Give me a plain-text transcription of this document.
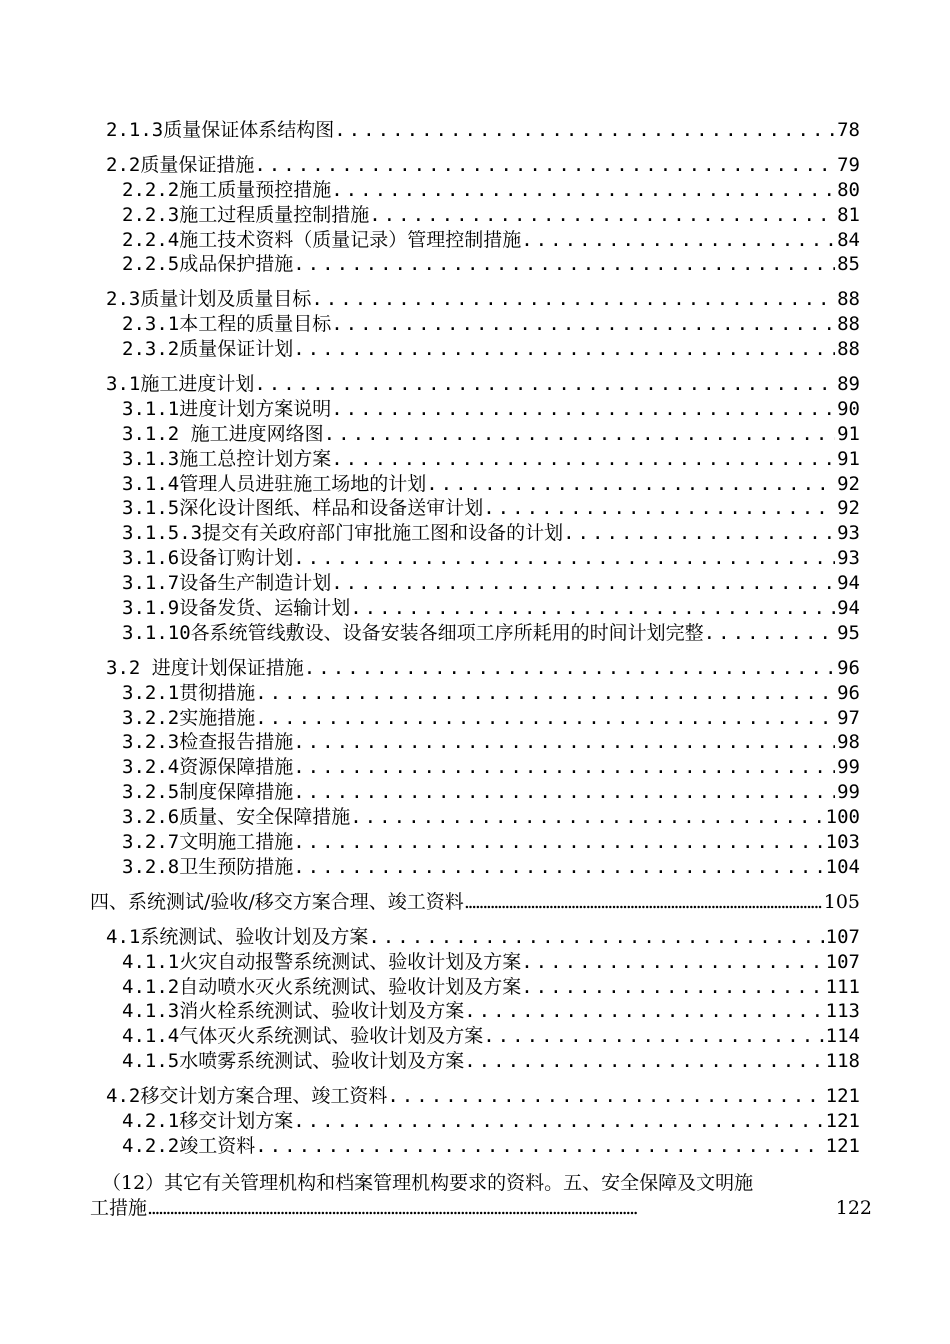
2.1.3质量保证体系结构图 . . .	78
2.2质量保证措施 . . .	79
2.2.2施工质量预控措施 . . .	80
2.2.3施工过程质量控制措施 . . .	81
2.2.4施工技术资料（质量记录）管理控制措施 . . .	84
2.2.5成品保护措施 . . .	85
2.3质量计划及质量目标 . . .	88
2.3.1本工程的质量目标 . . .	88
2.3.2质量保证计划 . . .	88
3.1施工进度计划 . . .	89
3.1.1进度计划方案说明 . . .	90
3.1.2 施工进度网络图 . . .	91
3.1.3施工总控计划方案 . . .	91
3.1.4管理人员进驻施工场地的计划 . . .	92
3.1.5深化设计图纸、样品和设备送审计划 . . .	92
3.1.5.3提交有关政府部门审批施工图和设备的计划 . . .	93
3.1.6设备订购计划 . . .	93
3.1.7设备生产制造计划 . . .	94
3.1.9设备发货、运输计划 . . .	94
3.1.10各系统管线敷设、设备安装各细项工序所耗用的时间计划完整 . . .	95
3.2 进度计划保证措施 . . .	96
3.2.1贯彻措施 . . .	96
3.2.2实施措施 . . .	97
3.2.3检查报告措施 . . .	98
3.2.4资源保障措施 . . .	99
3.2.5制度保障措施 . . .	99
3.2.6质量、安全保障措施 . . .	100
3.2.7文明施工措施 . . .	103
3.2.8卫生预防措施 . . .	104
四、系统测试/验收/移交方案合理、竣工资料 . . .	105
4.1系统测试、验收计划及方案 . . .	107
4.1.1火灾自动报警系统测试、验收计划及方案 . . .	107
4.1.2自动喷水灭火系统测试、验收计划及方案 . . .	111
4.1.3消火栓系统测试、验收计划及方案 . . .	113
4.1.4气体灭火系统测试、验收计划及方案 . . .	114
4.1.5水喷雾系统测试、验收计划及方案 . . .	118
4.2移交计划方案合理、竣工资料 . . .	121
4.2.1移交计划方案 . . .	121
4.2.2竣工资料 . . .	121
（12）其它有关管理机构和档案管理机构要求的资料。五、安全保障及文明施
工措施 . . .	122
